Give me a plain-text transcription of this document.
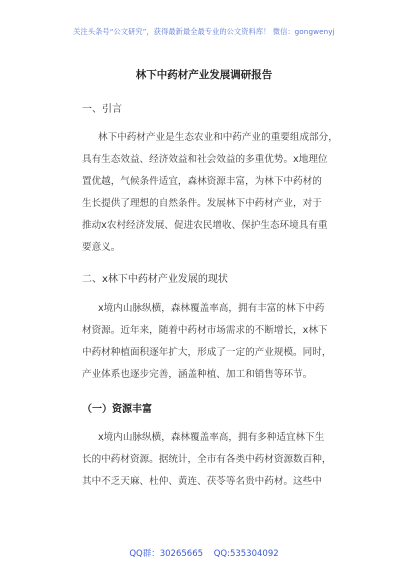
关注头条号“公文研究”，获得最新最全最专业的公文资料库！ 微信：gongwenyj
林下中药材产业发展调研报告
一、引言
林下中药材产业是生态农业和中药产业的重要组成部分，
具有生态效益、经济效益和社会效益的多重优势。x地理位
置优越，气候条件适宜，森林资源丰富，为林下中药材的
生长提供了理想的自然条件。发展林下中药材产业，对于
推动x农村经济发展、促进农民增收、保护生态环境具有重
要意义。
二、x林下中药材产业发展的现状
x境内山脉纵横，森林覆盖率高，拥有丰富的林下中药
材资源。近年来，随着中药材市场需求的不断增长，x林下
中药材种植面积逐年扩大，形成了一定的产业规模。同时，
产业体系也逐步完善，涵盖种植、加工和销售等环节。
（一）资源丰富
x境内山脉纵横，森林覆盖率高，拥有多种适宜林下生
长的中药材资源。据统计，全市有各类中药材资源数百种，
其中不乏天麻、杜仲、黄连、茯苓等名贵中药材。这些中
QQ群：30265665 QQ:535304092
